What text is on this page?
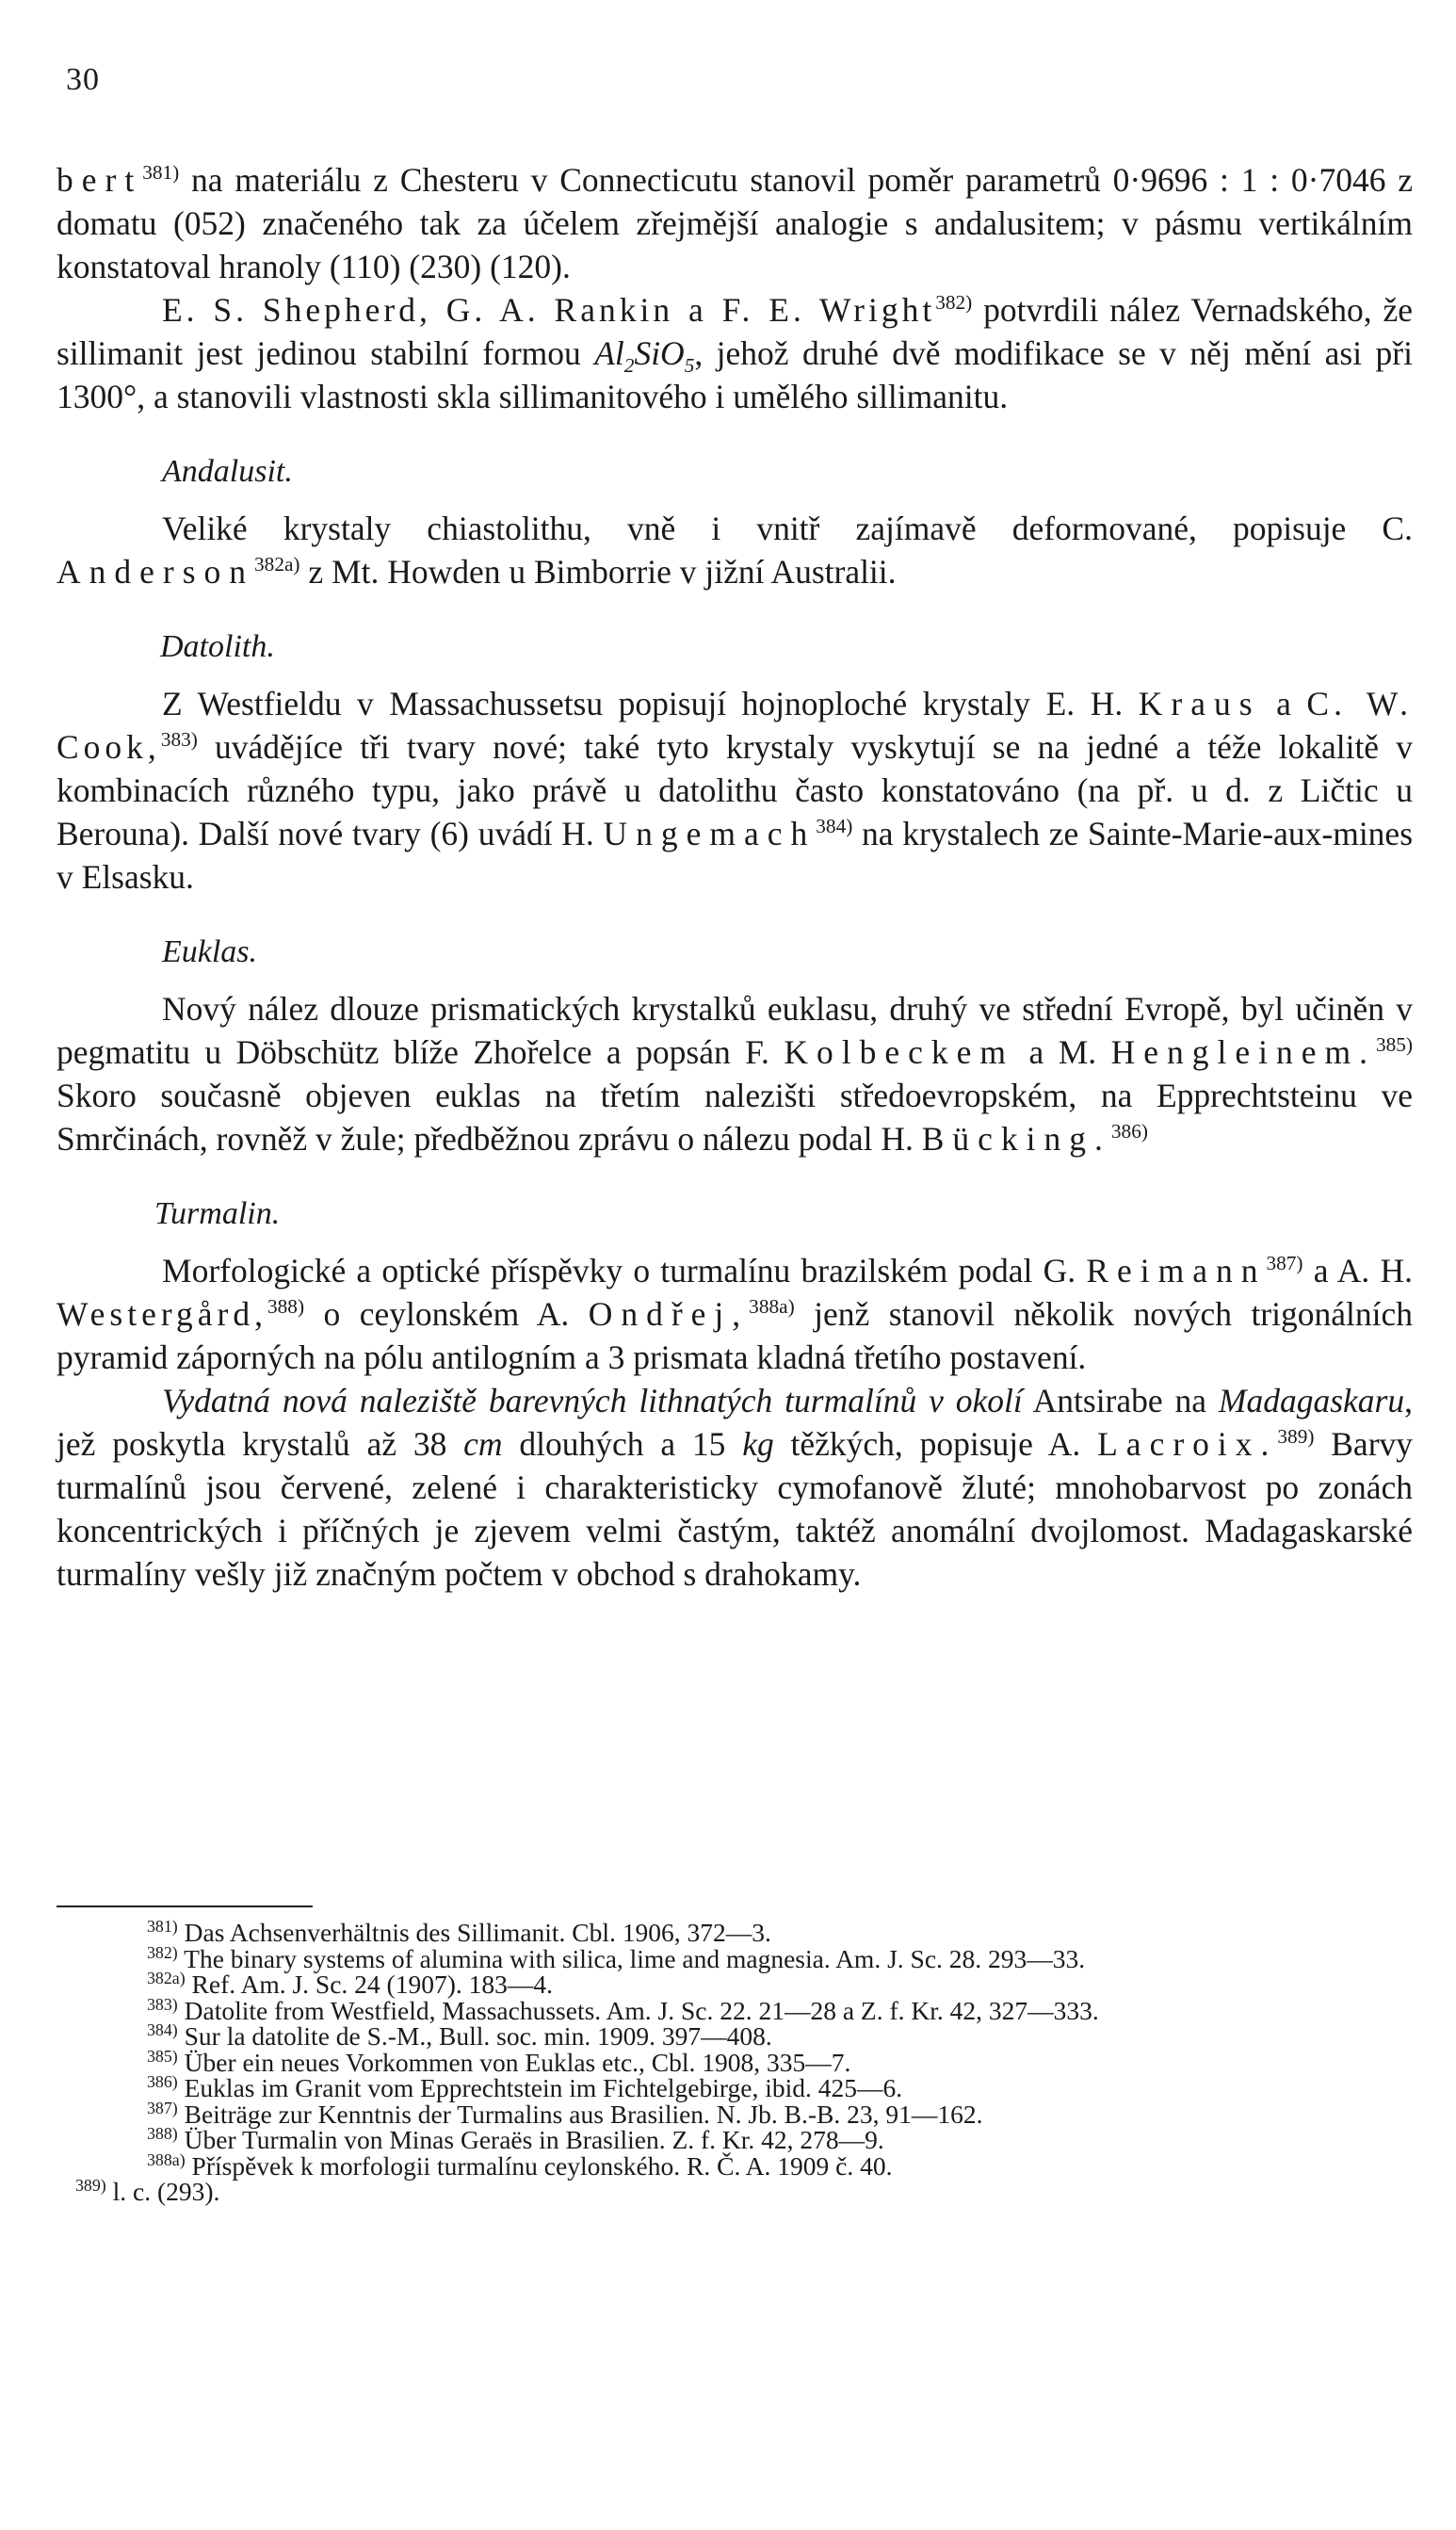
30

bert$^{381)}$ na materiálu z Chesteru v Connecticutu stanovil poměr parametrů 0·9696 : 1 : 0·7046 z domatu (052) značeného tak za účelem zřejmější analogie s andalusitem; v pásmu vertikálním konstatoval hranoly (110) (230) (120).

E. S. Shepherd, G. A. Rankin a F. E. Wright$^{382)}$ potvrdili nález Vernadského, že sillimanit jest jedinou stabilní formou $Al_2SiO_5$, jehož druhé dvě modifikace se v něj mění asi při 1300°, a stanovili vlastnosti skla sillimanitového i umělého sillimanitu.

Andalusit.

Veliké krystaly chiastolithu, vně i vnitř zajímavě deformované, popisuje C. Anderson$^{382a)}$ z Mt. Howden u Bimborrie v jižní Australii.

Datolith.

Z Westfieldu v Massachussetsu popisují hojnoploché krystaly E. H. Kraus a C. W. Cook,$^{383)}$ uvádějíce tři tvary nové; také tyto krystaly vyskytují se na jedné a téže lokalitě v kombinacích různého typu, jako právě u datolithu často konstatováno (na př. u d. z Ličtic u Berouna). Další nové tvary (6) uvádí H. Ungemach$^{384)}$ na krystalech ze Sainte-Marie-aux-mines v Elsasku.

Euklas.

Nový nález dlouze prismatických krystalků euklasu, druhý ve střední Evropě, byl učiněn v pegmatitu u Döbschütz blíže Zhořelce a popsán F. Kolbeckem a M. Hengleinem.$^{385)}$ Skoro současně objeven euklas na třetím nalezišti středoevropském, na Epprechtsteinu ve Smrčinách, rovněž v žule; předběžnou zprávu o nálezu podal H. Bücking.$^{386)}$

Turmalin.

Morfologické a optické příspěvky o turmalínu brazilském podal G. Reimann$^{387)}$ a A. H. Westergård,$^{388)}$ o ceylonském A. Ondřej,$^{388a)}$ jenž stanovil několik nových trigonálních pyramid záporných na pólu antilogním a 3 prismata kladná třetího postavení.

Vydatná nová naleziště barevných lithnatých turmalínů v okolí Antsirabe na Madagaskaru, jež poskytla krystalů až 38 cm dlouhých a 15 kg těžkých, popisuje A. Lacroix.$^{389)}$ Barvy turmalínů jsou červené, zelené i charakteristicky cymofanově žluté; mnohobarvost po zonách koncentrických i příčných je zjevem velmi častým, taktéž anomální dvojlomost. Madagaskarské turmalíny vešly již značným počtem v obchod s drahokamy.

$^{381)}$ Das Achsenverhältnis des Sillimanit. Cbl. 1906, 372—3.

$^{382)}$ The binary systems of alumina with silica, lime and magnesia. Am. J. Sc. 28. 293—33.

$^{382a)}$ Ref. Am. J. Sc. 24 (1907). 183—4.

$^{383)}$ Datolite from Westfield, Massachussets. Am. J. Sc. 22. 21—28 a Z. f. Kr. 42, 327—333.

$^{384)}$ Sur la datolite de S.-M., Bull. soc. min. 1909. 397—408.

$^{385)}$ Über ein neues Vorkommen von Euklas etc., Cbl. 1908, 335—7.

$^{386)}$ Euklas im Granit vom Epprechtstein im Fichtelgebirge, ibid. 425—6.

$^{387)}$ Beiträge zur Kenntnis der Turmalins aus Brasilien. N. Jb. B.-B. 23, 91—162.

$^{388)}$ Über Turmalin von Minas Geraës in Brasilien. Z. f. Kr. 42, 278—9.

$^{388a)}$ Příspěvek k morfologii turmalínu ceylonského. R. Č. A. 1909 č. 40.

$^{389)}$ l. c. (293).
